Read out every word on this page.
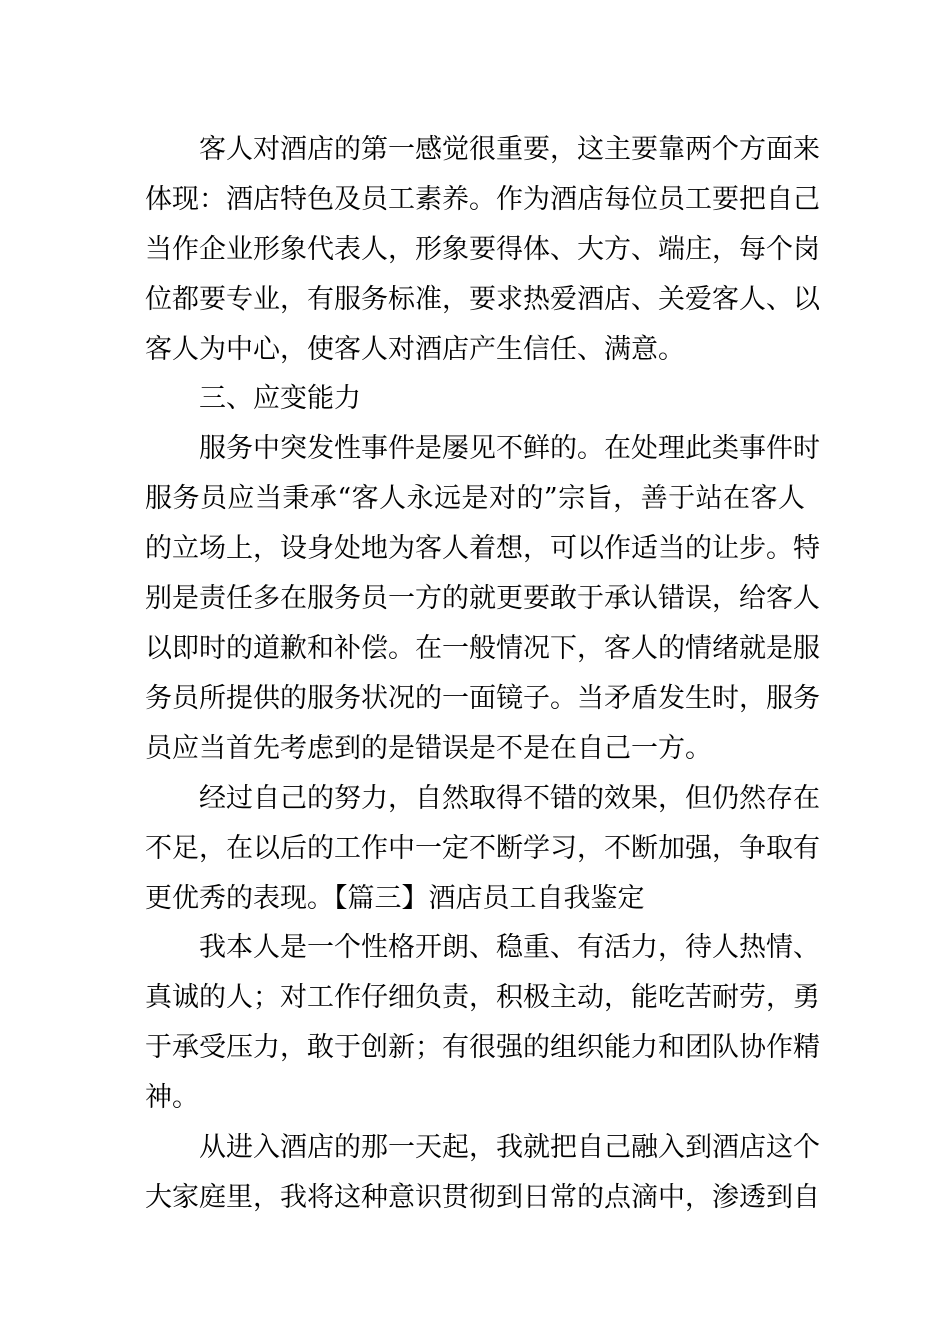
客人对酒店的第一感觉很重要，这主要靠两个方面来
体现：酒店特色及员工素养。作为酒店每位员工要把自己
当作企业形象代表人，形象要得体、大方、端庄，每个岗
位都要专业，有服务标准，要求热爱酒店、关爱客人、以
客人为中心，使客人对酒店产生信任、满意。
三、应变能力
服务中突发性事件是屡见不鲜的。在处理此类事件时
服务员应当秉承“客人永远是对的”宗旨，善于站在客人
的立场上，设身处地为客人着想，可以作适当的让步。特
别是责任多在服务员一方的就更要敢于承认错误，给客人
以即时的道歉和补偿。在一般情况下，客人的情绪就是服
务员所提供的服务状况的一面镜子。当矛盾发生时，服务
员应当首先考虑到的是错误是不是在自己一方。
经过自己的努力，自然取得不错的效果，但仍然存在
不足，在以后的工作中一定不断学习，不断加强，争取有
更优秀的表现。【篇三】酒店员工自我鉴定
我本人是一个性格开朗、稳重、有活力，待人热情、
真诚的人；对工作仔细负责，积极主动，能吃苦耐劳，勇
于承受压力，敢于创新；有很强的组织能力和团队协作精
神。
从进入酒店的那一天起，我就把自己融入到酒店这个
大家庭里，我将这种意识贯彻到日常的点滴中，渗透到自
